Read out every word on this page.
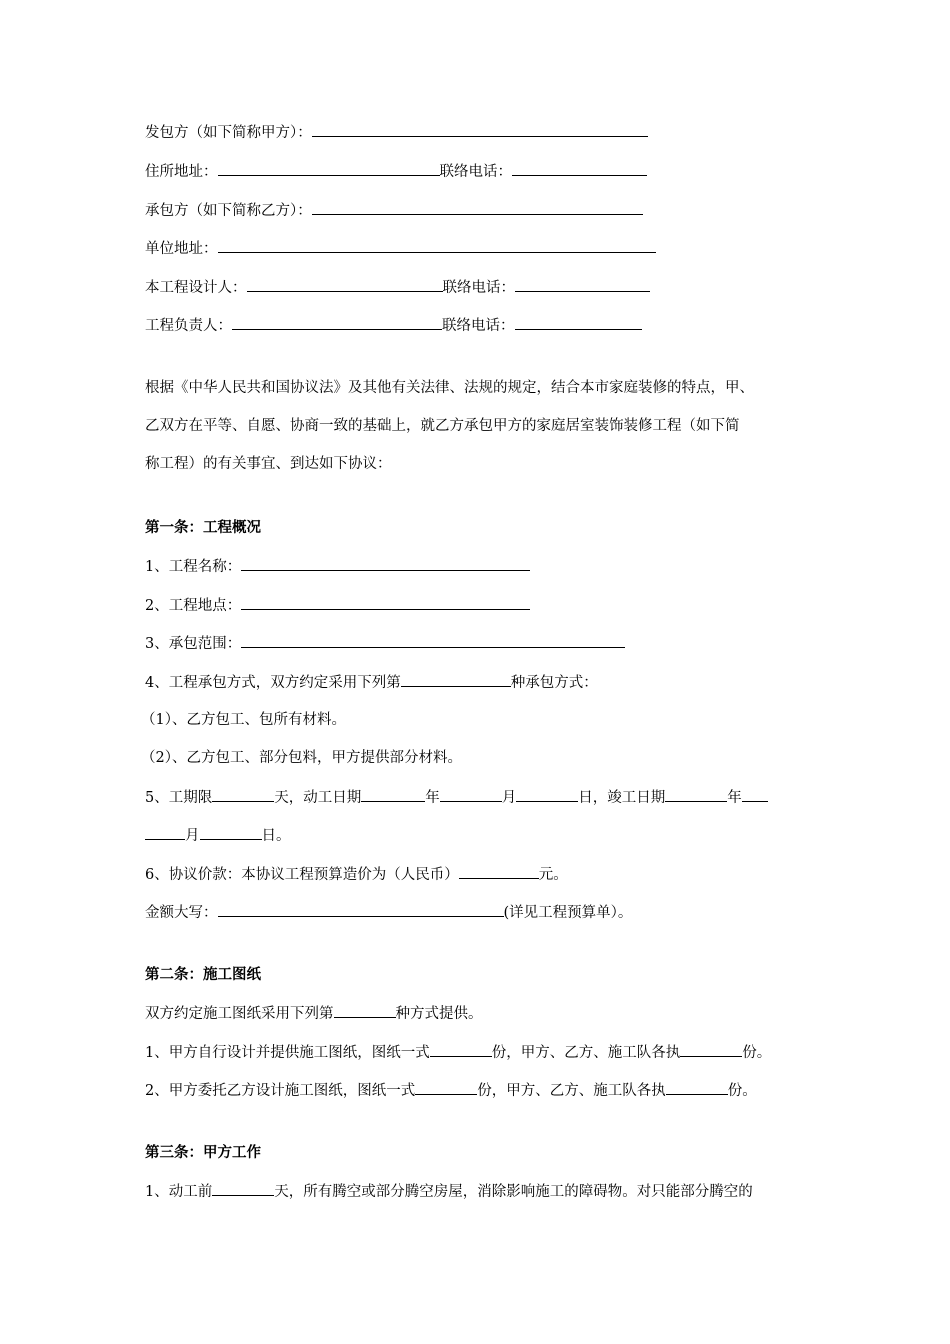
发包方（如下简称甲方）：
住所地址：	联络电话：
承包方（如下简称乙方）：
单位地址：
本工程设计人：	联络电话：
工程负责人：	联络电话：
根据《中华人民共和国协议法》及其他有关法律、法规的规定，结合本市家庭装修的特点，甲、
乙双方在平等、自愿、协商一致的基础上，就乙方承包甲方的家庭居室装饰装修工程（如下简
称工程）的有关事宜、到达如下协议：
第一条：工程概况
1、工程名称：
2、工程地点：
3、承包范围：
4、工程承包方式，双方约定采用下列第	种承包方式：
（1）、乙方包工、包所有材料。
（2）、乙方包工、部分包料，甲方提供部分材料。
5、工期限	天，动工日期	年	月	日，竣工日期	年
月	日。
6、协议价款：本协议工程预算造价为（人民币）	元。
金额大写：	(详见工程预算单）。
第二条：施工图纸
双方约定施工图纸采用下列第	种方式提供。
1、甲方自行设计并提供施工图纸，图纸一式	份，甲方、乙方、施工队各执	份。
2、甲方委托乙方设计施工图纸，图纸一式	份，甲方、乙方、施工队各执	份。
第三条：甲方工作
1、动工前	天，所有腾空或部分腾空房屋，消除影响施工的障碍物。对只能部分腾空的
